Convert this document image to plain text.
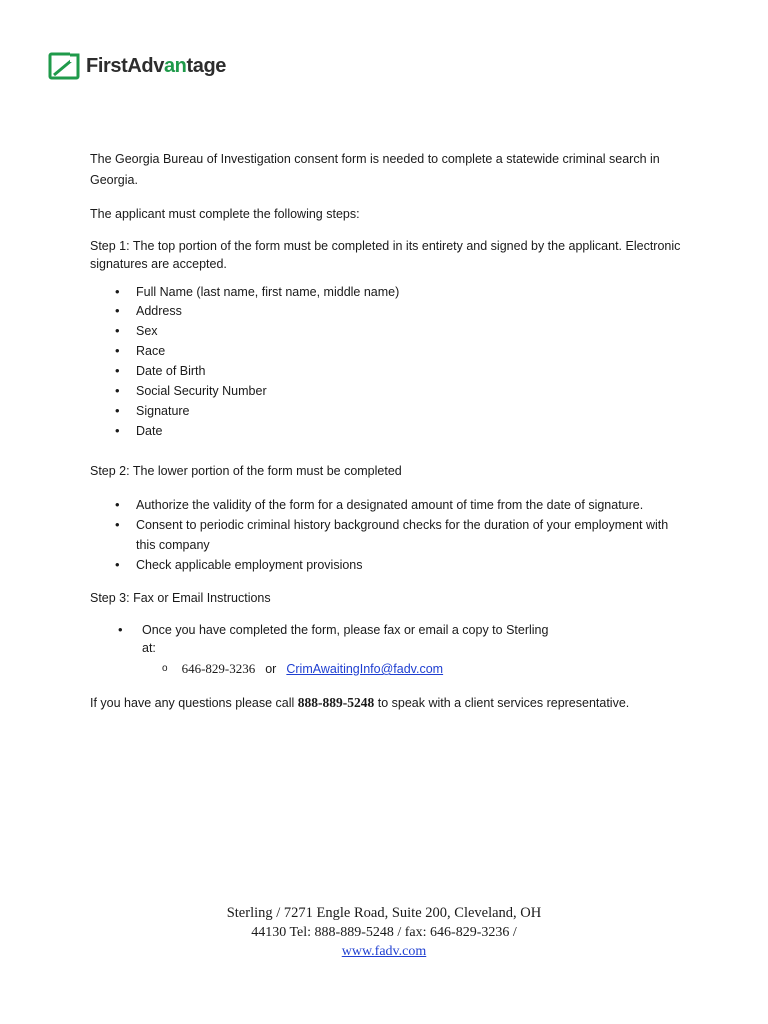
FirstAdvantage

The Georgia Bureau of Investigation consent form is needed to complete a statewide criminal search in Georgia.

The applicant must complete the following steps:

Step 1: The top portion of the form must be completed in its entirety and signed by the applicant. Electronic signatures are accepted.

• Full Name (last name, first name, middle name)
• Address
• Sex
• Race
• Date of Birth
• Social Security Number
• Signature
• Date

Step 2: The lower portion of the form must be completed

• Authorize the validity of the form for a designated amount of time from the date of signature.
• Consent to periodic criminal history background checks for the duration of your employment with this company
• Check applicable employment provisions

Step 3: Fax or Email Instructions

• Once you have completed the form, please fax or email a copy to Sterling at:
o 646-829-3236 or CrimAwaitingInfo@fadv.com

If you have any questions please call 888-889-5248 to speak with a client services representative.

Sterling / 7271 Engle Road, Suite 200, Cleveland, OH
44130 Tel: 888-889-5248 / fax: 646-829-3236 /
www.fadv.com
